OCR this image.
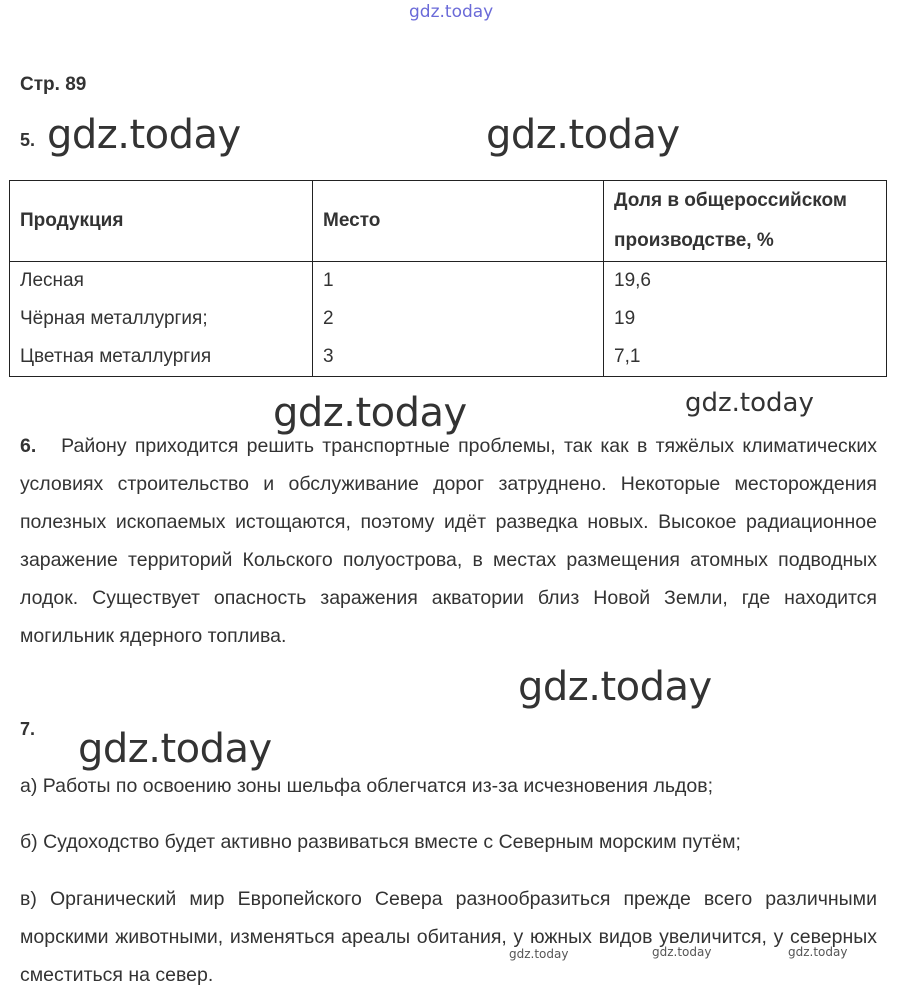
gdz.today
gdz.today	gdz.today
gdz.today	gdz.today
gdz.today
gdz.today
gdz.today	gdz.today	gdz.today
Стр. 89
5.
Продукция	Место	Доля в общероссийском производстве, %
Лесная	1	19,6
Чёрная металлургия;	2	19
Цветная металлургия	3	7,1

6. Району приходится решить транспортные проблемы, так как в тяжёлых климатических условиях строительство и обслуживание дорог затруднено. Некоторые месторождения полезных ископаемых истощаются, поэтому идёт разведка новых. Высокое радиационное заражение территорий Кольского полуострова, в местах размещения атомных подводных лодок. Существует опасность заражения акватории близ Новой Земли, где находится могильник ядерного топлива.

7.
а) Работы по освоению зоны шельфа облегчатся из-за исчезновения льдов;
б) Судоходство будет активно развиваться вместе с Северным морским путём;

в) Органический мир Европейского Севера разнообразиться прежде всего различными морскими животными, изменяться ареалы обитания, у южных видов увеличится, у северных сместиться на север.
